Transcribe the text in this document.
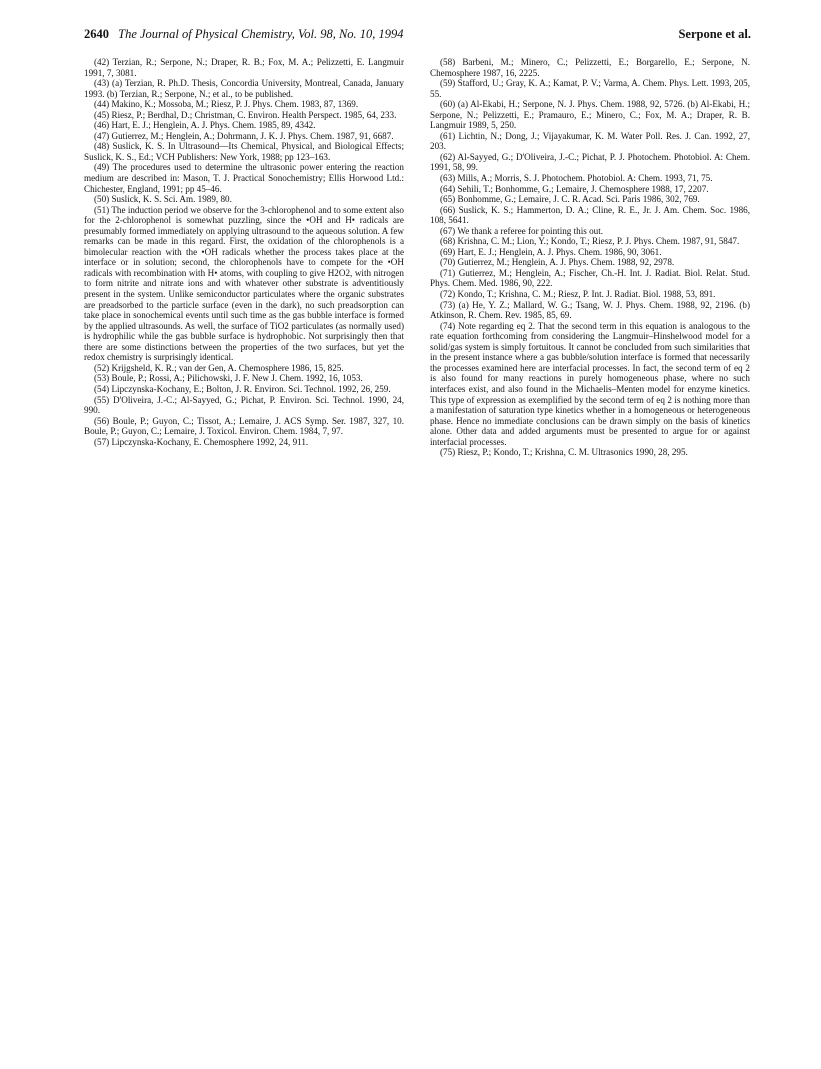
2640 The Journal of Physical Chemistry, Vol. 98, No. 10, 1994	Serpone et al.

(42) Terzian, R.; Serpone, N.; Draper, R. B.; Fox, M. A.; Pelizzetti, E. Langmuir 1991, 7, 3081.

(43) (a) Terzian, R. Ph.D. Thesis, Concordia University, Montreal, Canada, January 1993. (b) Terzian, R.; Serpone, N.; et al., to be published.

(44) Makino, K.; Mossoba, M.; Riesz, P. J. Phys. Chem. 1983, 87, 1369.

(45) Riesz, P.; Berdhal, D.; Christman, C. Environ. Health Perspect. 1985, 64, 233.

(46) Hart, E. J.; Henglein, A. J. Phys. Chem. 1985, 89, 4342.

(47) Gutierrez, M.; Henglein, A.; Dohrmann, J. K. J. Phys. Chem. 1987, 91, 6687.

(48) Suslick, K. S. In Ultrasound—Its Chemical, Physical, and Biological Effects; Suslick, K. S., Ed.; VCH Publishers: New York, 1988; pp 123–163.

(49) The procedures used to determine the ultrasonic power entering the reaction medium are described in: Mason, T. J. Practical Sonochemistry; Ellis Horwood Ltd.: Chichester, England, 1991; pp 45–46.

(50) Suslick, K. S. Sci. Am. 1989, 80.

(51) The induction period we observe for the 3-chlorophenol and to some extent also for the 2-chlorophenol is somewhat puzzling, since the •OH and H• radicals are presumably formed immediately on applying ultrasound to the aqueous solution. A few remarks can be made in this regard. First, the oxidation of the chlorophenols is a bimolecular reaction with the •OH radicals whether the process takes place at the interface or in solution; second, the chlorophenols have to compete for the •OH radicals with recombination with H• atoms, with coupling to give H2O2, with nitrogen to form nitrite and nitrate ions and with whatever other substrate is adventitiously present in the system. Unlike semiconductor particulates where the organic substrates are preadsorbed to the particle surface (even in the dark), no such preadsorption can take place in sonochemical events until such time as the gas bubble interface is formed by the applied ultrasounds. As well, the surface of TiO2 particulates (as normally used) is hydrophilic while the gas bubble surface is hydrophobic. Not surprisingly then that there are some distinctions between the properties of the two surfaces, but yet the redox chemistry is surprisingly identical.

(52) Krijgsheld, K. R.; van der Gen, A. Chemosphere 1986, 15, 825.

(53) Boule, P.; Rossi, A.; Pilichowski, J. F. New J. Chem. 1992, 16, 1053.

(54) Lipczynska-Kochany, E.; Bolton, J. R. Environ. Sci. Technol. 1992, 26, 259.

(55) D'Oliveira, J.-C.; Al-Sayyed, G.; Pichat, P. Environ. Sci. Technol. 1990, 24, 990.

(56) Boule, P.; Guyon, C.; Tissot, A.; Lemaire, J. ACS Symp. Ser. 1987, 327, 10. Boule, P.; Guyon, C.; Lemaire, J. Toxicol. Environ. Chem. 1984, 7, 97.

(57) Lipczynska-Kochany, E. Chemosphere 1992, 24, 911.

(58) Barbeni, M.; Minero, C.; Pelizzetti, E.; Borgarello, E.; Serpone, N. Chemosphere 1987, 16, 2225.

(59) Stafford, U.; Gray, K. A.; Kamat, P. V.; Varma, A. Chem. Phys. Lett. 1993, 205, 55.

(60) (a) Al-Ekabi, H.; Serpone, N. J. Phys. Chem. 1988, 92, 5726. (b) Al-Ekabi, H.; Serpone, N.; Pelizzetti, E.; Pramauro, E.; Minero, C.; Fox, M. A.; Draper, R. B. Langmuir 1989, 5, 250.

(61) Lichtin, N.; Dong, J.; Vijayakumar, K. M. Water Poll. Res. J. Can. 1992, 27, 203.

(62) Al-Sayyed, G.; D'Oliveira, J.-C.; Pichat, P. J. Photochem. Photobiol. A: Chem. 1991, 58, 99.

(63) Mills, A.; Morris, S. J. Photochem. Photobiol. A: Chem. 1993, 71, 75.

(64) Sehili, T.; Bonhomme, G.; Lemaire, J. Chemosphere 1988, 17, 2207.

(65) Bonhomme, G.; Lemaire, J. C. R. Acad. Sci. Paris 1986, 302, 769.

(66) Suslick, K. S.; Hammerton, D. A.; Cline, R. E., Jr. J. Am. Chem. Soc. 1986, 108, 5641.

(67) We thank a referee for pointing this out.

(68) Krishna, C. M.; Lion, Y.; Kondo, T.; Riesz, P. J. Phys. Chem. 1987, 91, 5847.

(69) Hart, E. J.; Henglein, A. J. Phys. Chem. 1986, 90, 3061.

(70) Gutierrez, M.; Henglein, A. J. Phys. Chem. 1988, 92, 2978.

(71) Gutierrez, M.; Henglein, A.; Fischer, Ch.-H. Int. J. Radiat. Biol. Relat. Stud. Phys. Chem. Med. 1986, 90, 222.

(72) Kondo, T.; Krishna, C. M.; Riesz, P. Int. J. Radiat. Biol. 1988, 53, 891.

(73) (a) He, Y. Z.; Mallard, W. G.; Tsang, W. J. Phys. Chem. 1988, 92, 2196. (b) Atkinson, R. Chem. Rev. 1985, 85, 69.

(74) Note regarding eq 2. That the second term in this equation is analogous to the rate equation forthcoming from considering the Langmuir–Hinshelwood model for a solid/gas system is simply fortuitous. It cannot be concluded from such similarities that in the present instance where a gas bubble/solution interface is formed that necessarily the processes examined here are interfacial processes. In fact, the second term of eq 2 is also found for many reactions in purely homogeneous phase, where no such interfaces exist, and also found in the Michaelis–Menten model for enzyme kinetics. This type of expression as exemplified by the second term of eq 2 is nothing more than a manifestation of saturation type kinetics whether in a homogeneous or heterogeneous phase. Hence no immediate conclusions can be drawn simply on the basis of kinetics alone. Other data and added arguments must be presented to argue for or against interfacial processes.

(75) Riesz, P.; Kondo, T.; Krishna, C. M. Ultrasonics 1990, 28, 295.
